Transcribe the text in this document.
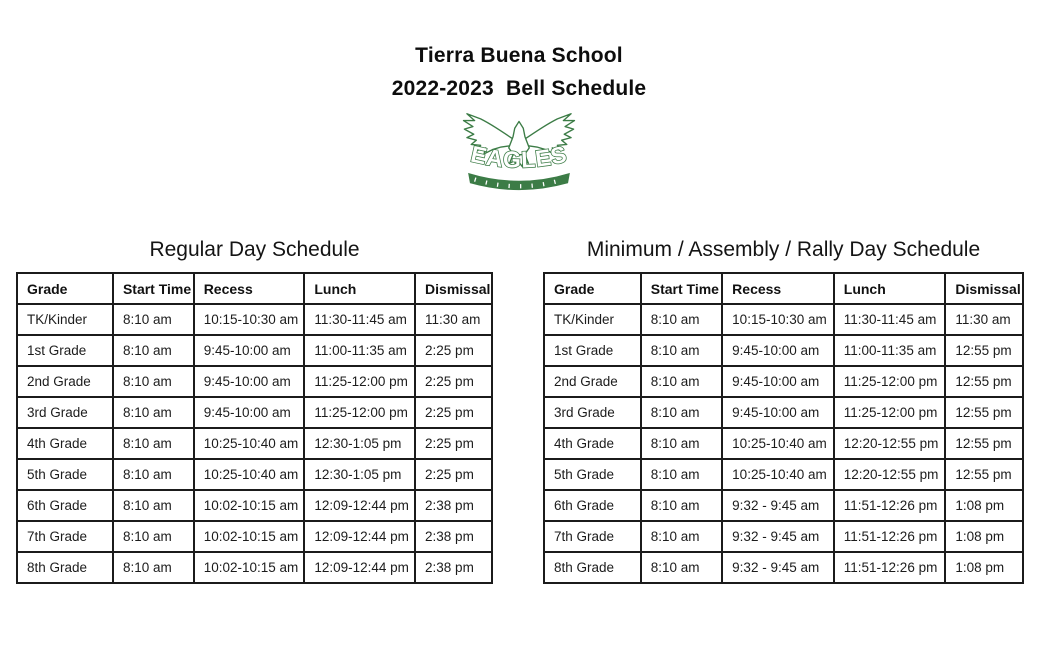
Tierra Buena School
2022-2023  Bell Schedule
EAGLES
Regular Day Schedule
Grade	Start Time	Recess	Lunch	Dismissal
TK/Kinder	8:10 am	10:15-10:30 am	11:30-11:45 am	11:30 am
1st Grade	8:10 am	9:45-10:00 am	11:00-11:35 am	2:25 pm
2nd Grade	8:10 am	9:45-10:00 am	11:25-12:00 pm	2:25 pm
3rd Grade	8:10 am	9:45-10:00 am	11:25-12:00 pm	2:25 pm
4th Grade	8:10 am	10:25-10:40 am	12:30-1:05 pm	2:25 pm
5th Grade	8:10 am	10:25-10:40 am	12:30-1:05 pm	2:25 pm
6th Grade	8:10 am	10:02-10:15 am	12:09-12:44 pm	2:38 pm
7th Grade	8:10 am	10:02-10:15 am	12:09-12:44 pm	2:38 pm
8th Grade	8:10 am	10:02-10:15 am	12:09-12:44 pm	2:38 pm
Minimum / Assembly / Rally Day Schedule
Grade	Start Time	Recess	Lunch	Dismissal
TK/Kinder	8:10 am	10:15-10:30 am	11:30-11:45 am	11:30 am
1st Grade	8:10 am	9:45-10:00 am	11:00-11:35 am	12:55 pm
2nd Grade	8:10 am	9:45-10:00 am	11:25-12:00 pm	12:55 pm
3rd Grade	8:10 am	9:45-10:00 am	11:25-12:00 pm	12:55 pm
4th Grade	8:10 am	10:25-10:40 am	12:20-12:55 pm	12:55 pm
5th Grade	8:10 am	10:25-10:40 am	12:20-12:55 pm	12:55 pm
6th Grade	8:10 am	9:32 - 9:45 am	11:51-12:26 pm	1:08 pm
7th Grade	8:10 am	9:32 - 9:45 am	11:51-12:26 pm	1:08 pm
8th Grade	8:10 am	9:32 - 9:45 am	11:51-12:26 pm	1:08 pm
